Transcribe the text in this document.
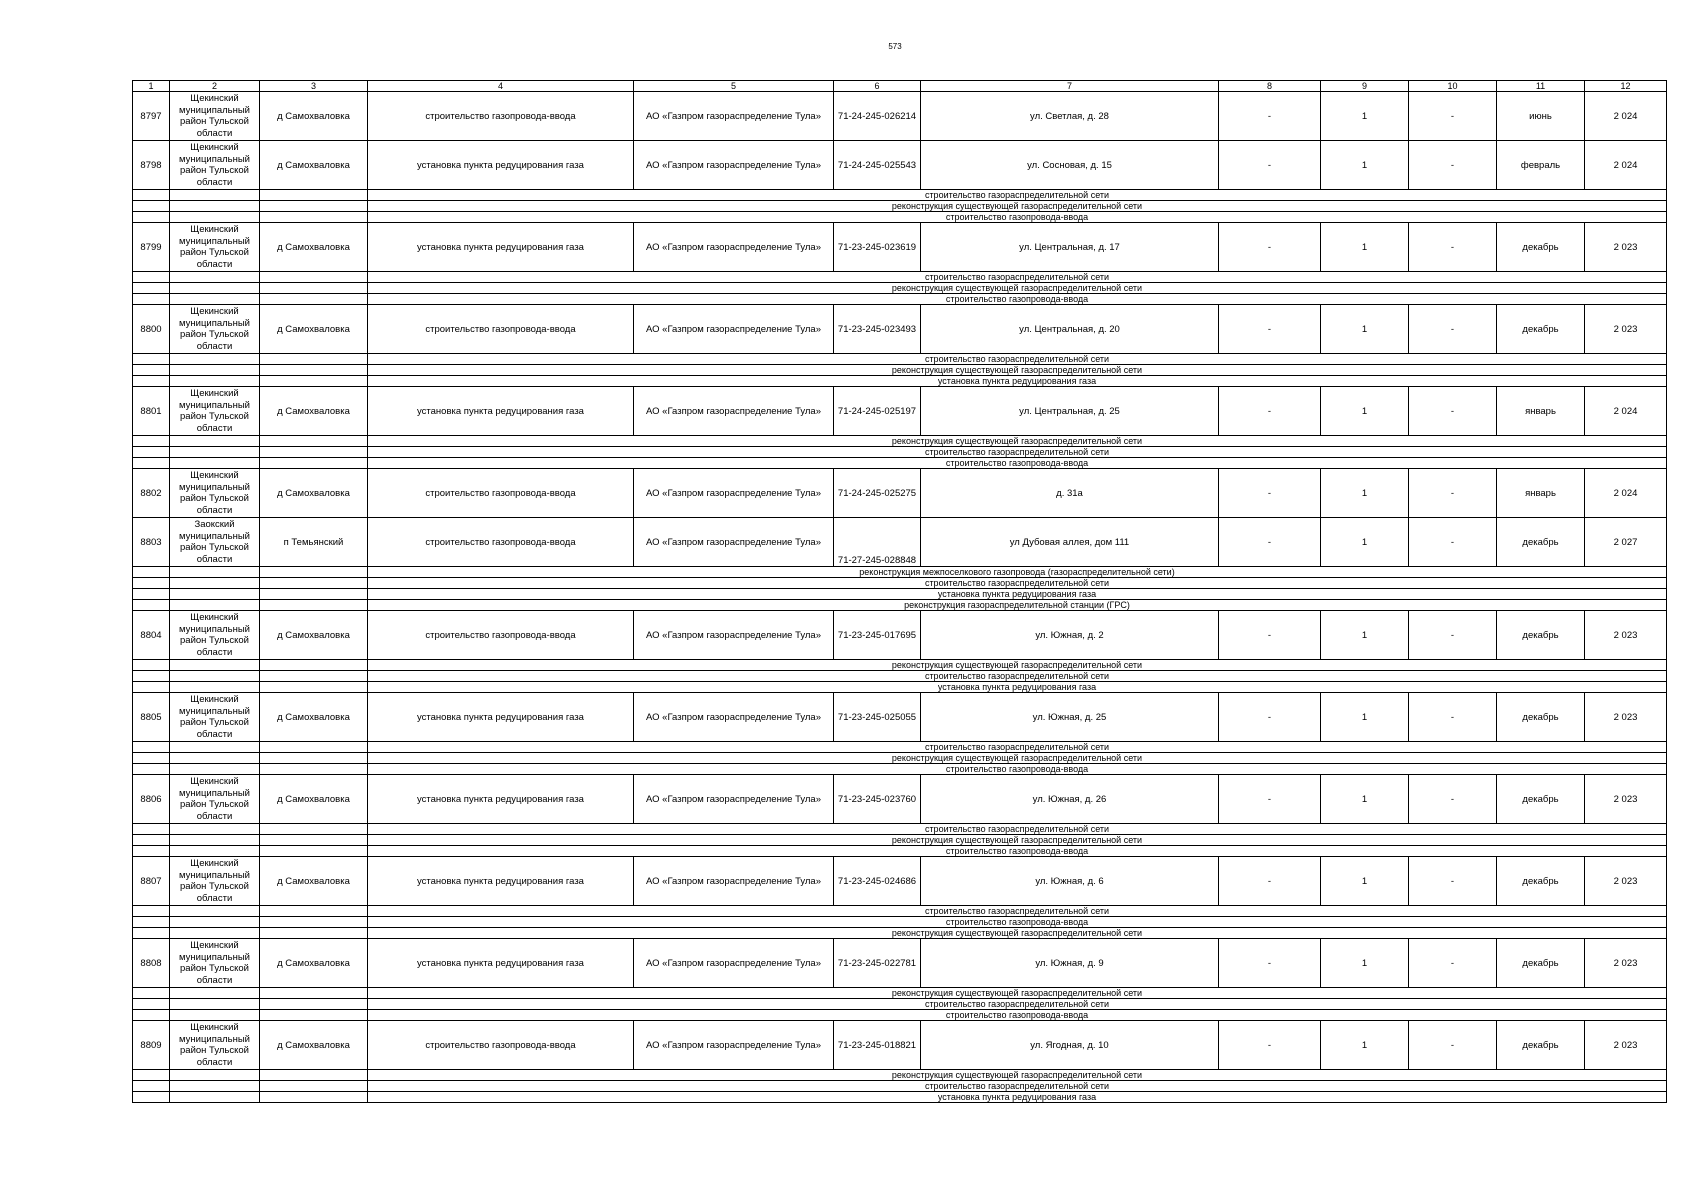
573
1	2	3	4	5	6	7	8	9	10	11	12
8797	Щекинский муниципальный район Тульской области	д Самохваловка	строительство газопровода-ввода	АО «Газпром газораспределение Тула»	71-24-245-026214	ул. Светлая, д. 28	-	1	-	июнь	2 024
8798	Щекинский муниципальный район Тульской области	д Самохваловка	установка пункта редуцирования газа	АО «Газпром газораспределение Тула»	71-24-245-025543	ул. Сосновая, д. 15	-	1	-	февраль	2 024
			строительство газораспределительной сети								
			реконструкция существующей газораспределительной сети								
			строительство газопровода-ввода								
8799	Щекинский муниципальный район Тульской области	д Самохваловка	установка пункта редуцирования газа	АО «Газпром газораспределение Тула»	71-23-245-023619	ул. Центральная, д. 17	-	1	-	декабрь	2 023
			строительство газораспределительной сети								
			реконструкция существующей газораспределительной сети								
			строительство газопровода-ввода								
8800	Щекинский муниципальный район Тульской области	д Самохваловка	строительство газопровода-ввода	АО «Газпром газораспределение Тула»	71-23-245-023493	ул. Центральная, д. 20	-	1	-	декабрь	2 023
			строительство газораспределительной сети								
			реконструкция существующей газораспределительной сети								
			установка пункта редуцирования газа								
8801	Щекинский муниципальный район Тульской области	д Самохваловка	установка пункта редуцирования газа	АО «Газпром газораспределение Тула»	71-24-245-025197	ул. Центральная, д. 25	-	1	-	январь	2 024
			реконструкция существующей газораспределительной сети								
			строительство газораспределительной сети								
			строительство газопровода-ввода								
8802	Щекинский муниципальный район Тульской области	д Самохваловка	строительство газопровода-ввода	АО «Газпром газораспределение Тула»	71-24-245-025275	д. 31а	-	1	-	январь	2 024
8803	Заокский муниципальный район Тульской области	п Темьянский	строительство газопровода-ввода	АО «Газпром газораспределение Тула»	71-27-245-028848	ул Дубовая аллея, дом 111	-	1	-	декабрь	2 027
			реконструкция межпоселкового газопровода (газораспределительной сети)								
			строительство газораспределительной сети								
			установка пункта редуцирования газа								
			реконструкция газораспределительной станции (ГРС)								
8804	Щекинский муниципальный район Тульской области	д Самохваловка	строительство газопровода-ввода	АО «Газпром газораспределение Тула»	71-23-245-017695	ул. Южная, д. 2	-	1	-	декабрь	2 023
			реконструкция существующей газораспределительной сети								
			строительство газораспределительной сети								
			установка пункта редуцирования газа								
8805	Щекинский муниципальный район Тульской области	д Самохваловка	установка пункта редуцирования газа	АО «Газпром газораспределение Тула»	71-23-245-025055	ул. Южная, д. 25	-	1	-	декабрь	2 023
			строительство газораспределительной сети								
			реконструкция существующей газораспределительной сети								
			строительство газопровода-ввода								
8806	Щекинский муниципальный район Тульской области	д Самохваловка	установка пункта редуцирования газа	АО «Газпром газораспределение Тула»	71-23-245-023760	ул. Южная, д. 26	-	1	-	декабрь	2 023
			строительство газораспределительной сети								
			реконструкция существующей газораспределительной сети								
			строительство газопровода-ввода								
8807	Щекинский муниципальный район Тульской области	д Самохваловка	установка пункта редуцирования газа	АО «Газпром газораспределение Тула»	71-23-245-024686	ул. Южная, д. 6	-	1	-	декабрь	2 023
			строительство газораспределительной сети								
			строительство газопровода-ввода								
			реконструкция существующей газораспределительной сети								
8808	Щекинский муниципальный район Тульской области	д Самохваловка	установка пункта редуцирования газа	АО «Газпром газораспределение Тула»	71-23-245-022781	ул. Южная, д. 9	-	1	-	декабрь	2 023
			реконструкция существующей газораспределительной сети								
			строительство газораспределительной сети								
			строительство газопровода-ввода								
8809	Щекинский муниципальный район Тульской области	д Самохваловка	строительство газопровода-ввода	АО «Газпром газораспределение Тула»	71-23-245-018821	ул. Ягодная, д. 10	-	1	-	декабрь	2 023
			реконструкция существующей газораспределительной сети								
			строительство газораспределительной сети								
			установка пункта редуцирования газа								
